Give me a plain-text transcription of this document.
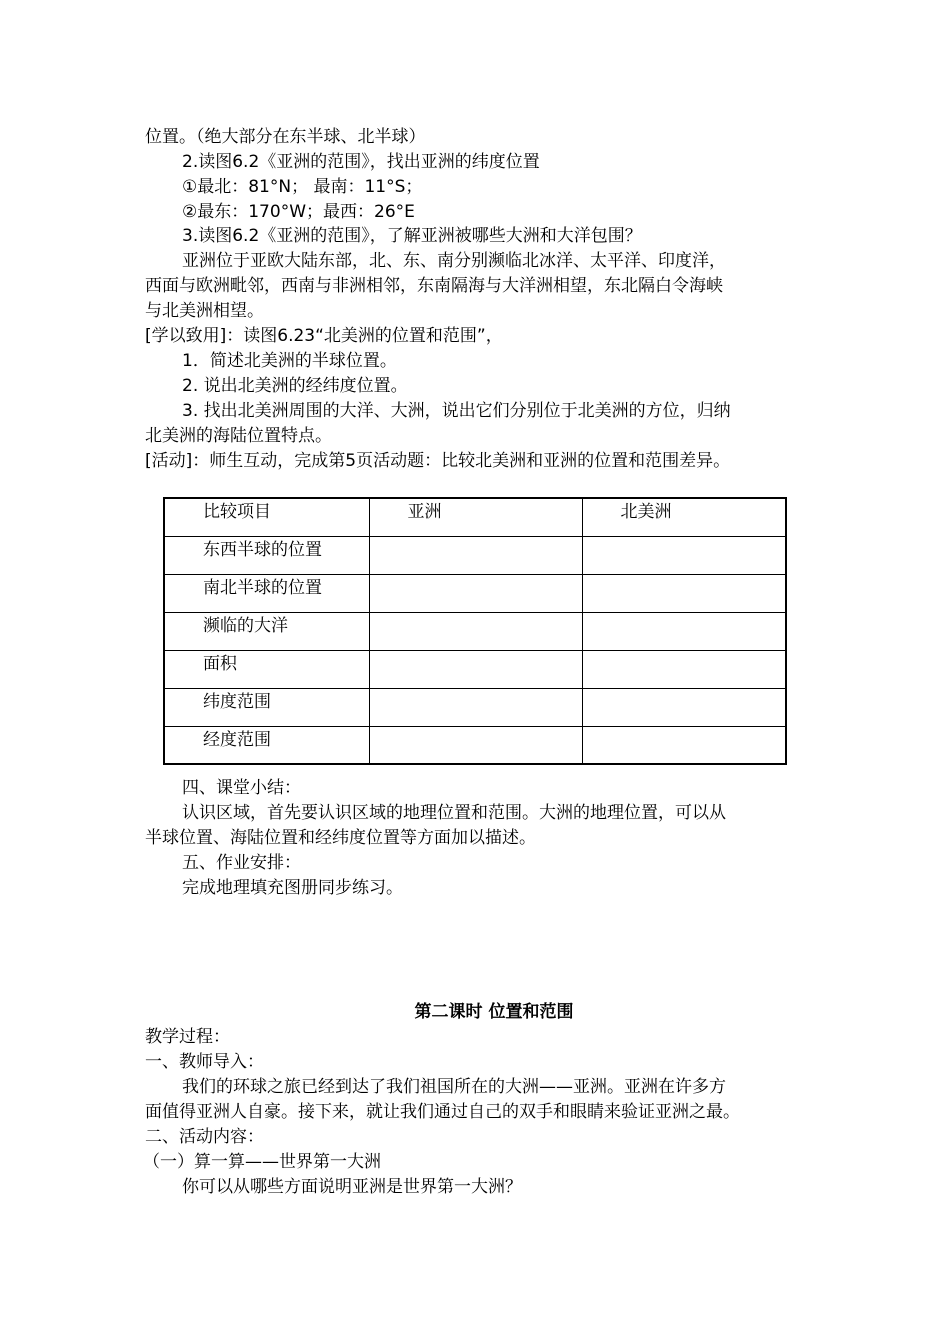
位置。（绝大部分在东半球、北半球）
2.读图6.2《亚洲的范围》，找出亚洲的纬度位置
①最北：81°N； 最南：11°S；
②最东：170°W；最西：26°E
3.读图6.2《亚洲的范围》，了解亚洲被哪些大洲和大洋包围？
亚洲位于亚欧大陆东部，北、东、南分别濒临北冰洋、太平洋、印度洋，
西面与欧洲毗邻，西南与非洲相邻，东南隔海与大洋洲相望，东北隔白令海峡
与北美洲相望。
[学以致用]：读图6.23“北美洲的位置和范围”，
1．简述北美洲的半球位置。
2. 说出北美洲的经纬度位置。
3. 找出北美洲周围的大洋、大洲，说出它们分别位于北美洲的方位，归纳
北美洲的海陆位置特点。
[活动]：师生互动，完成第5页活动题：比较北美洲和亚洲的位置和范围差异。
比较项目	亚洲	北美洲
东西半球的位置		
南北半球的位置		
濒临的大洋		
面积		
纬度范围		
经度范围		
四、课堂小结：
认识区域，首先要认识区域的地理位置和范围。大洲的地理位置，可以从
半球位置、海陆位置和经纬度位置等方面加以描述。
五、作业安排：
完成地理填充图册同步练习。
第二课时 位置和范围
教学过程：
一、教师导入：
我们的环球之旅已经到达了我们祖国所在的大洲——亚洲。亚洲在许多方
面值得亚洲人自豪。接下来，就让我们通过自己的双手和眼睛来验证亚洲之最。
二、活动内容：
（一）算一算——世界第一大洲
你可以从哪些方面说明亚洲是世界第一大洲？
